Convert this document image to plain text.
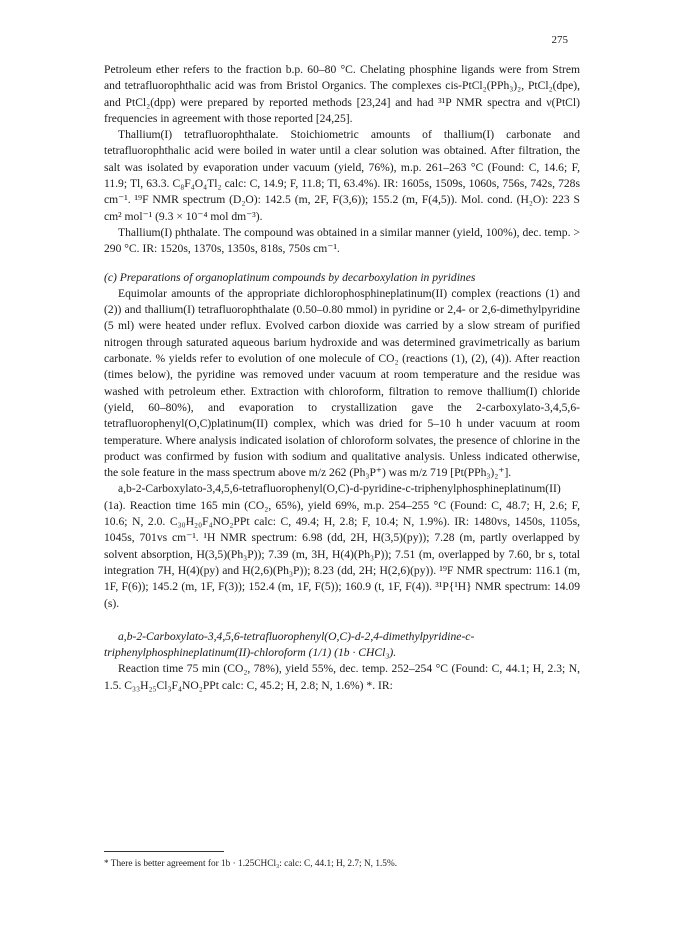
275

Petroleum ether refers to the fraction b.p. 60–80 °C. Chelating phosphine ligands were from Strem and tetrafluorophthalic acid was from Bristol Organics. The complexes cis-PtCl₂(PPh₃)₂, PtCl₂(dpe), and PtCl₂(dpp) were prepared by reported methods [23,24] and had ³¹P NMR spectra and ν(PtCl) frequencies in agreement with those reported [24,25].

Thallium(I) tetrafluorophthalate. Stoichiometric amounts of thallium(I) carbonate and tetrafluorophthalic acid were boiled in water until a clear solution was obtained. After filtration, the salt was isolated by evaporation under vacuum (yield, 76%), m.p. 261–263 °C (Found: C, 14.6; F, 11.9; Tl, 63.3. C₈F₄O₄Tl₂ calc: C, 14.9; F, 11.8; Tl, 63.4%). IR: 1605s, 1509s, 1060s, 756s, 742s, 728s cm⁻¹. ¹⁹F NMR spectrum (D₂O): 142.5 (m, 2F, F(3,6)); 155.2 (m, F(4,5)). Mol. cond. (H₂O): 223 S cm² mol⁻¹ (9.3 × 10⁻⁴ mol dm⁻³).

Thallium(I) phthalate. The compound was obtained in a similar manner (yield, 100%), dec. temp. > 290 °C. IR: 1520s, 1370s, 1350s, 818s, 750s cm⁻¹.

(c) Preparations of organoplatinum compounds by decarboxylation in pyridines

Equimolar amounts of the appropriate dichlorophosphineplatinum(II) complex (reactions (1) and (2)) and thallium(I) tetrafluorophthalate (0.50–0.80 mmol) in pyridine or 2,4- or 2,6-dimethylpyridine (5 ml) were heated under reflux. Evolved carbon dioxide was carried by a slow stream of purified nitrogen through saturated aqueous barium hydroxide and was determined gravimetrically as barium carbonate. % yields refer to evolution of one molecule of CO₂ (reactions (1), (2), (4)). After reaction (times below), the pyridine was removed under vacuum at room temperature and the residue was washed with petroleum ether. Extraction with chloroform, filtration to remove thallium(I) chloride (yield, 60–80%), and evaporation to crystallization gave the 2-carboxylato-3,4,5,6-tetrafluorophenyl(O,C)platinum(II) complex, which was dried for 5–10 h under vacuum at room temperature. Where analysis indicated isolation of chloroform solvates, the presence of chlorine in the product was confirmed by fusion with sodium and qualitative analysis. Unless indicated otherwise, the sole feature in the mass spectrum above m/z 262 (Ph₃P⁺) was m/z 719 [Pt(PPh₃)₂⁺].

a,b-2-Carboxylato-3,4,5,6-tetrafluorophenyl(O,C)-d-pyridine-c-triphenylphosphineplatinum(II) (1a). Reaction time 165 min (CO₂, 65%), yield 69%, m.p. 254–255 °C (Found: C, 48.7; H, 2.6; F, 10.6; N, 2.0. C₃₀H₂₀F₄NO₂PPt calc: C, 49.4; H, 2.8; F, 10.4; N, 1.9%). IR: 1480vs, 1450s, 1105s, 1045s, 701vs cm⁻¹. ¹H NMR spectrum: 6.98 (dd, 2H, H(3,5)(py)); 7.28 (m, partly overlapped by solvent absorption, H(3,5)(Ph₃P)); 7.39 (m, 3H, H(4)(Ph₃P)); 7.51 (m, overlapped by 7.60, br s, total integration 7H, H(4)(py) and H(2,6)(Ph₃P)); 8.23 (dd, 2H; H(2,6)(py)). ¹⁹F NMR spectrum: 116.1 (m, 1F, F(6)); 145.2 (m, 1F, F(3)); 152.4 (m, 1F, F(5)); 160.9 (t, 1F, F(4)). ³¹P{¹H} NMR spectrum: 14.09 (s).

a,b-2-Carboxylato-3,4,5,6-tetrafluorophenyl(O,C)-d-2,4-dimethylpyridine-c-triphenylphosphineplatinum(II)-chloroform (1/1) (1b · CHCl₃).

Reaction time 75 min (CO₂, 78%), yield 55%, dec. temp. 252–254 °C (Found: C, 44.1; H, 2.3; N, 1.5. C₃₃H₂₅Cl₃F₄NO₂PPt calc: C, 45.2; H, 2.8; N, 1.6%) *. IR:

* There is better agreement for 1b · 1.25CHCl₃: calc: C, 44.1; H, 2.7; N, 1.5%.
